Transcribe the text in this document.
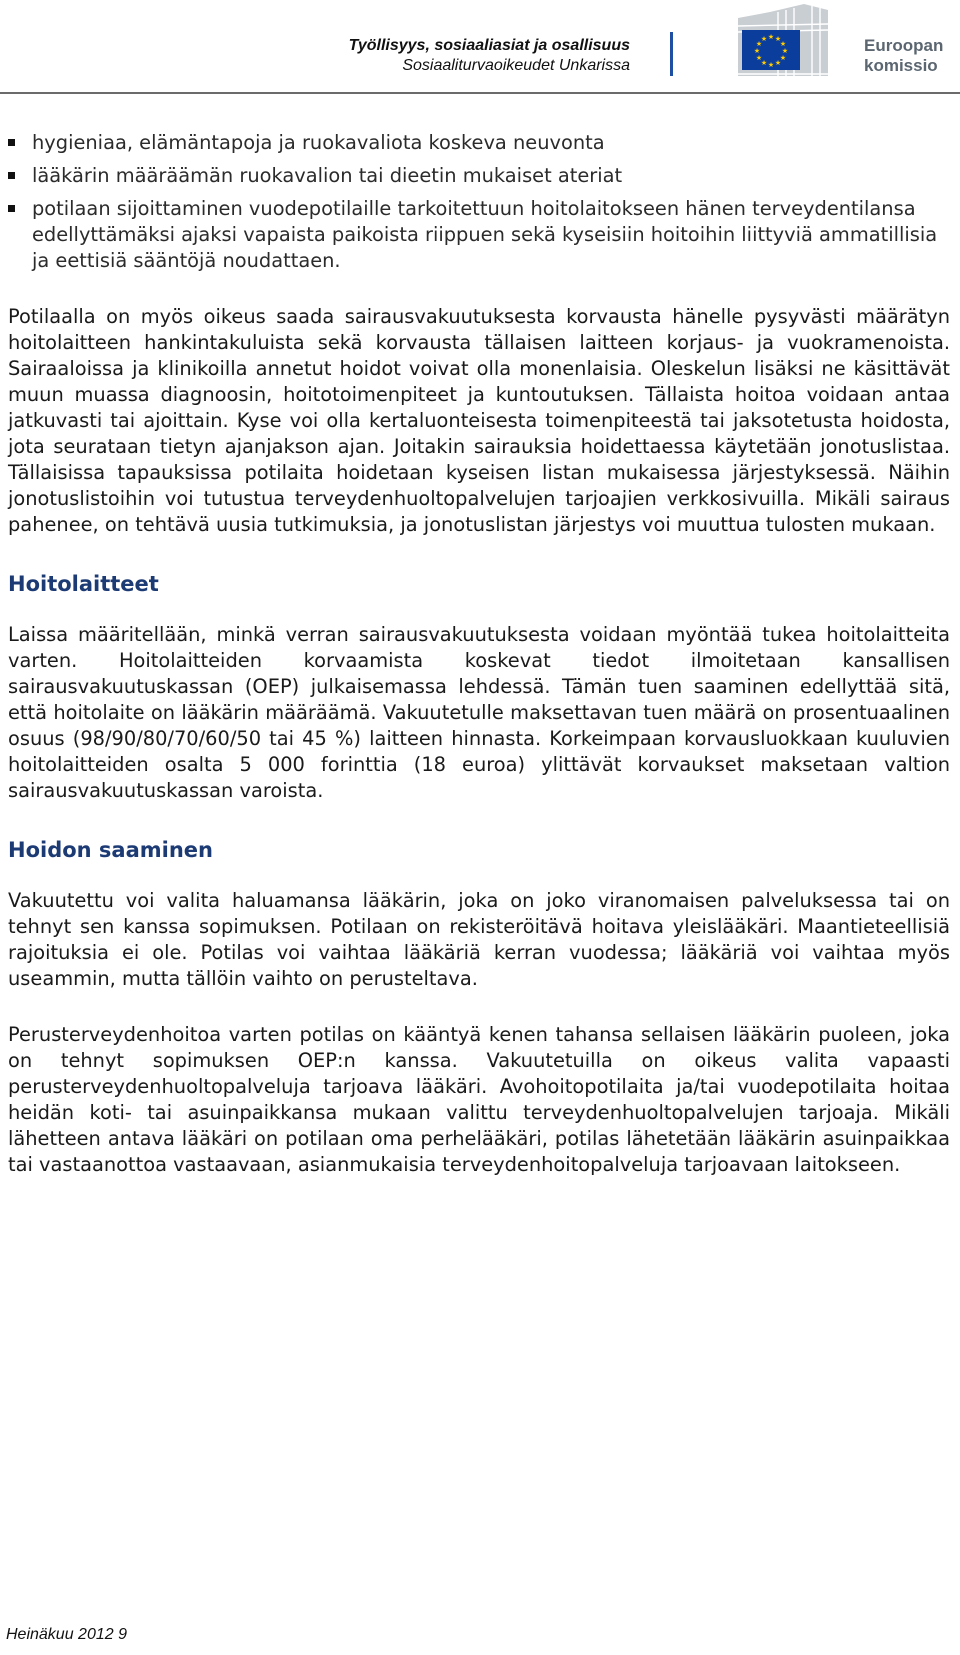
Työllisyys, sosiaaliasiat ja osallisuus
Sosiaaliturvaoikeudet Unkarissa
★ ★
★
★
★
★
★
★
★
★
★
★	Euroopan
komissio
hygieniaa, elämäntapoja ja ruokavaliota koskeva neuvonta
lääkärin määräämän ruokavalion tai dieetin mukaiset ateriat
potilaan sijoittaminen vuodepotilaille tarkoitettuun hoitolaitokseen hänen terveydentilansa edellyttämäksi ajaksi vapaista paikoista riippuen sekä kyseisiin hoitoihin liittyviä ammatillisia ja eettisiä sääntöjä noudattaen.

Potilaalla on myös oikeus saada sairausvakuutuksesta korvausta hänelle pysyvästi määrätyn hoitolaitteen hankintakuluista sekä korvausta tällaisen laitteen korjaus- ja vuokramenoista. Sairaaloissa ja klinikoilla annetut hoidot voivat olla monenlaisia. Oleskelun lisäksi ne käsittävät muun muassa diagnoosin, hoitotoimenpiteet ja kuntoutuksen. Tällaista hoitoa voidaan antaa jatkuvasti tai ajoittain. Kyse voi olla kertaluonteisesta toimenpiteestä tai jaksotetusta hoidosta, jota seurataan tietyn ajanjakson ajan. Joitakin sairauksia hoidettaessa käytetään jonotuslistaa. Tällaisissa tapauksissa potilaita hoidetaan kyseisen listan mukaisessa järjestyksessä. Näihin jonotuslistoihin voi tutustua terveydenhuoltopalvelujen tarjoajien verkkosivuilla. Mikäli sairaus pahenee, on tehtävä uusia tutkimuksia, ja jonotuslistan järjestys voi muuttua tulosten mukaan.

Hoitolaitteet

Laissa määritellään, minkä verran sairausvakuutuksesta voidaan myöntää tukea hoitolaitteita varten. Hoitolaitteiden korvaamista koskevat tiedot ilmoitetaan kansallisen sairausvakuutuskassan (OEP) julkaisemassa lehdessä. Tämän tuen saaminen edellyttää sitä, että hoitolaite on lääkärin määräämä. Vakuutetulle maksettavan tuen määrä on prosentuaalinen osuus (98/90/80/70/60/50 tai 45 %) laitteen hinnasta. Korkeimpaan korvausluokkaan kuuluvien hoitolaitteiden osalta 5 000 forinttia (18 euroa) ylittävät korvaukset maksetaan valtion sairausvakuutuskassan varoista.

Hoidon saaminen

Vakuutettu voi valita haluamansa lääkärin, joka on joko viranomaisen palveluksessa tai on tehnyt sen kanssa sopimuksen. Potilaan on rekisteröitävä hoitava yleislääkäri. Maantieteellisiä rajoituksia ei ole. Potilas voi vaihtaa lääkäriä kerran vuodessa; lääkäriä voi vaihtaa myös useammin, mutta tällöin vaihto on perusteltava.

Perusterveydenhoitoa varten potilas on kääntyä kenen tahansa sellaisen lääkärin puoleen, joka on tehnyt sopimuksen OEP:n kanssa. Vakuutetuilla on oikeus valita vapaasti perusterveydenhuoltopalveluja tarjoava lääkäri. Avohoitopotilaita ja/tai vuodepotilaita hoitaa heidän koti- tai asuinpaikkansa mukaan valittu terveydenhuoltopalvelujen tarjoaja. Mikäli lähetteen antava lääkäri on potilaan oma perhelääkäri, potilas lähetetään lääkärin asuinpaikkaa tai vastaanottoa vastaavaan, asianmukaisia terveydenhoitopalveluja tarjoavaan laitokseen.

Heinäkuu 2012 9
